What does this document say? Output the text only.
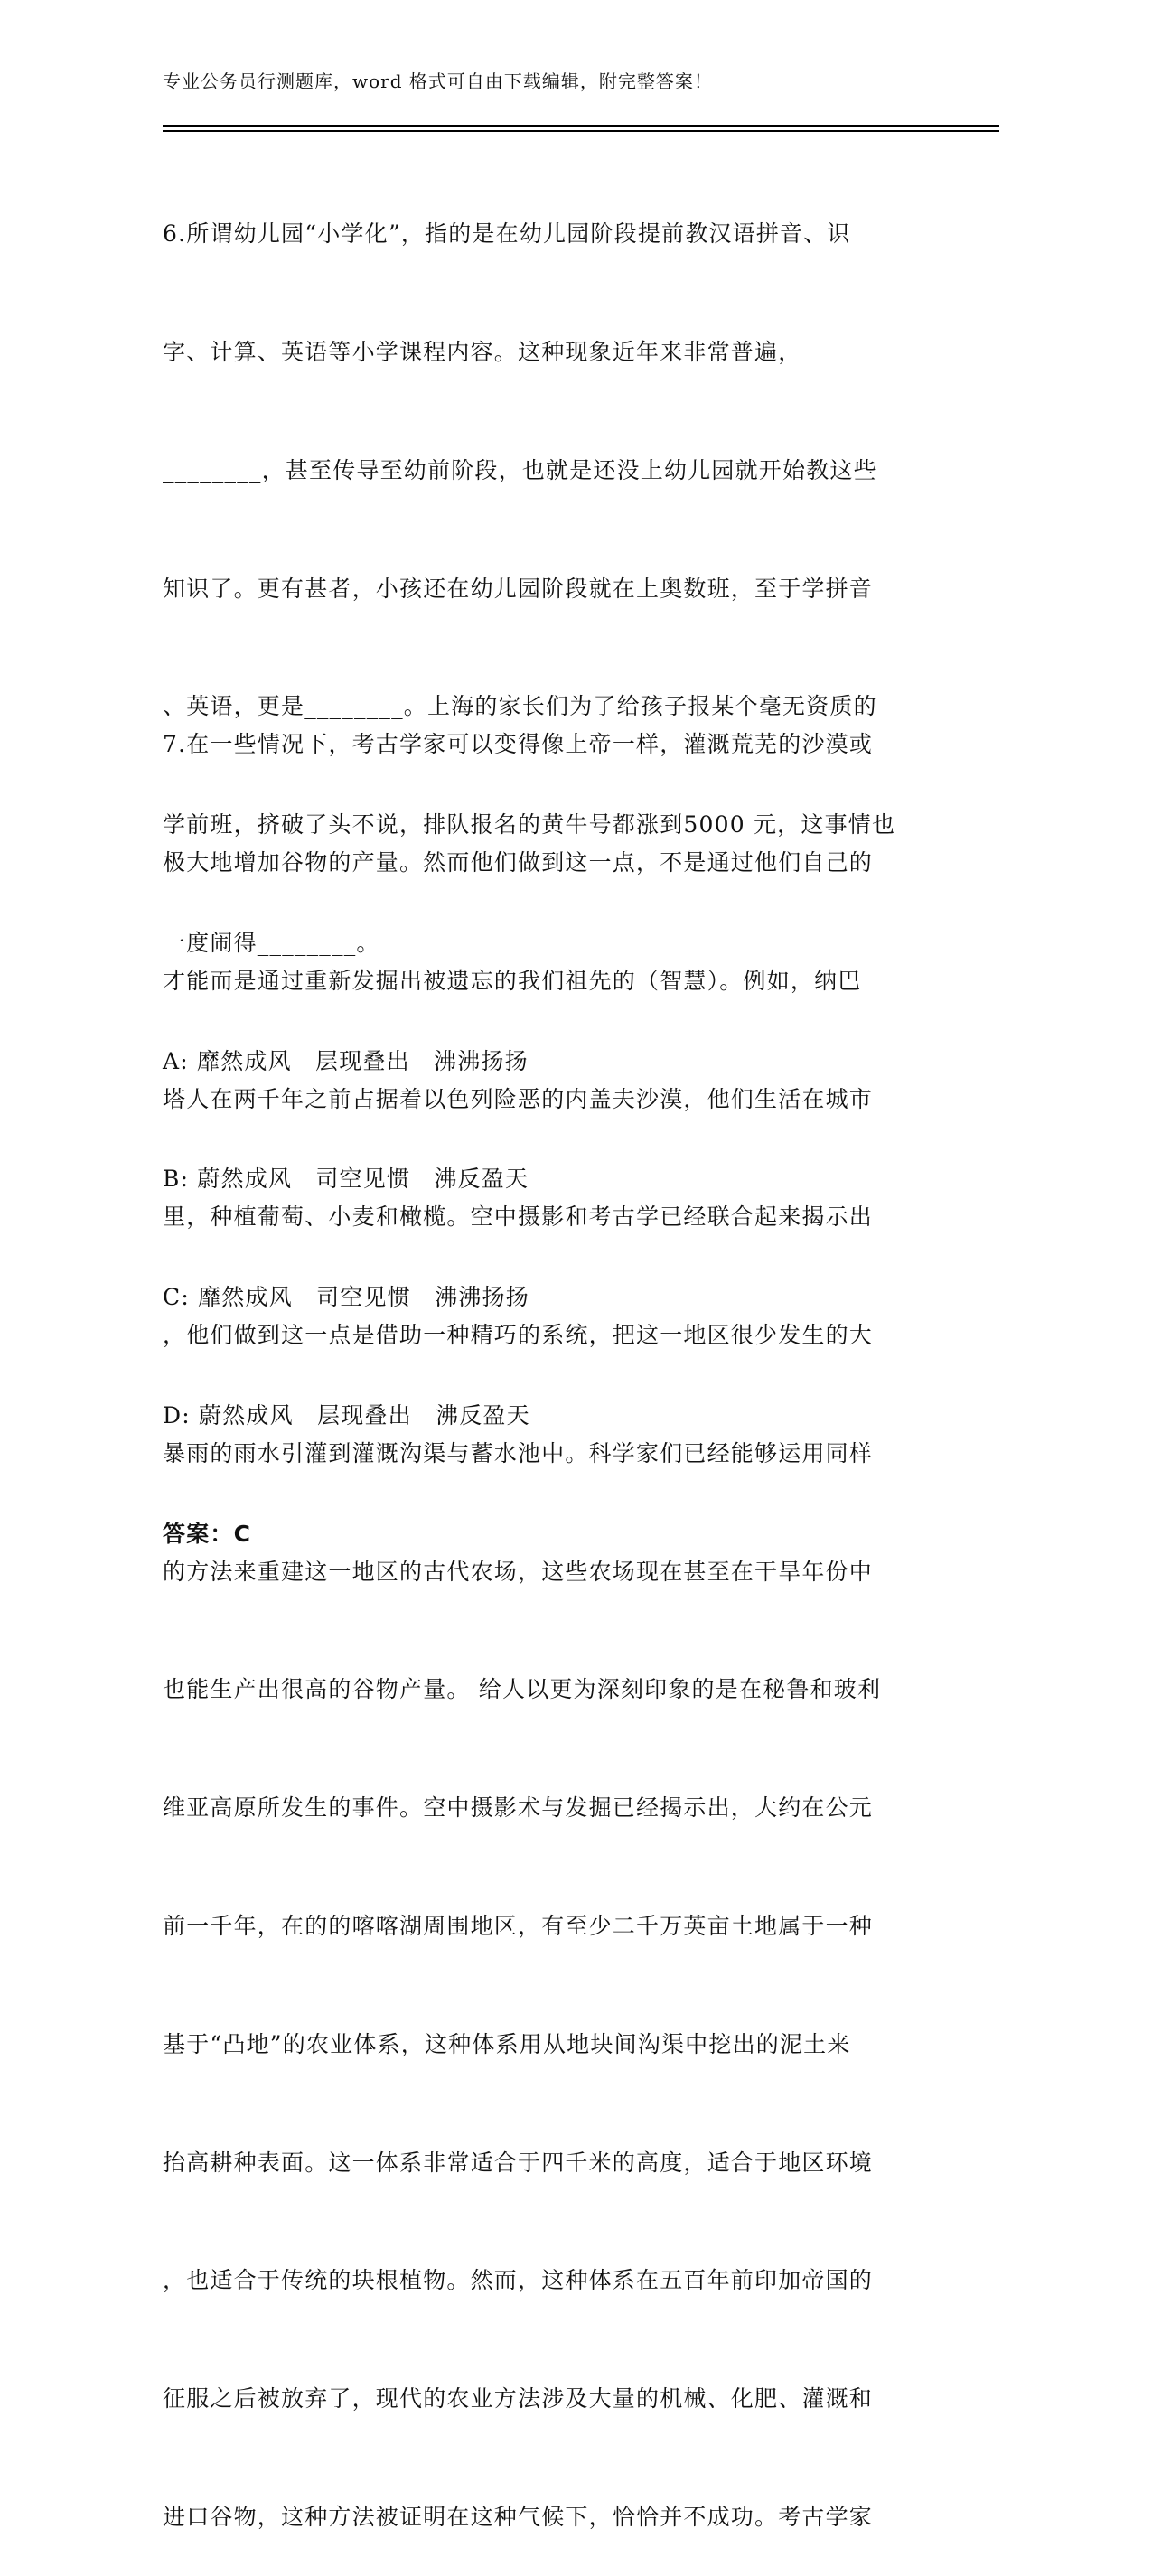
专业公务员行测题库，word 格式可自由下载编辑，附完整答案！

6.所谓幼儿园“小学化”，指的是在幼儿园阶段提前教汉语拼音、识

字、计算、英语等小学课程内容。这种现象近年来非常普遍，

________，甚至传导至幼前阶段，也就是还没上幼儿园就开始教这些

知识了。更有甚者，小孩还在幼儿园阶段就在上奥数班，至于学拼音

、英语，更是________。上海的家长们为了给孩子报某个毫无资质的

学前班，挤破了头不说，排队报名的黄牛号都涨到5000 元，这事情也

一度闹得________。

A: 靡然成风　层现叠出　沸沸扬扬

B: 蔚然成风　司空见惯　沸反盈天

C: 靡然成风　司空见惯　沸沸扬扬

D: 蔚然成风　层现叠出　沸反盈天

答案：C

7.在一些情况下，考古学家可以变得像上帝一样，灌溉荒芜的沙漠或

极大地增加谷物的产量。然而他们做到这一点，不是通过他们自己的

才能而是通过重新发掘出被遗忘的我们祖先的（智慧）。例如，纳巴

塔人在两千年之前占据着以色列险恶的内盖夫沙漠，他们生活在城市

里，种植葡萄、小麦和橄榄。空中摄影和考古学已经联合起来揭示出

，他们做到这一点是借助一种精巧的系统，把这一地区很少发生的大

暴雨的雨水引灌到灌溉沟渠与蓄水池中。科学家们已经能够运用同样

的方法来重建这一地区的古代农场，这些农场现在甚至在干旱年份中

也能生产出很高的谷物产量。 给人以更为深刻印象的是在秘鲁和玻利

维亚高原所发生的事件。空中摄影术与发掘已经揭示出，大约在公元

前一千年，在的的喀喀湖周围地区，有至少二千万英亩土地属于一种

基于“凸地”的农业体系，这种体系用从地块间沟渠中挖出的泥土来

抬高耕种表面。这一体系非常适合于四千米的高度，适合于地区环境

，也适合于传统的块根植物。然而，这种体系在五百年前印加帝国的

征服之后被放弃了，现代的农业方法涉及大量的机械、化肥、灌溉和

进口谷物，这种方法被证明在这种气候下，恰恰并不成功。考古学家
